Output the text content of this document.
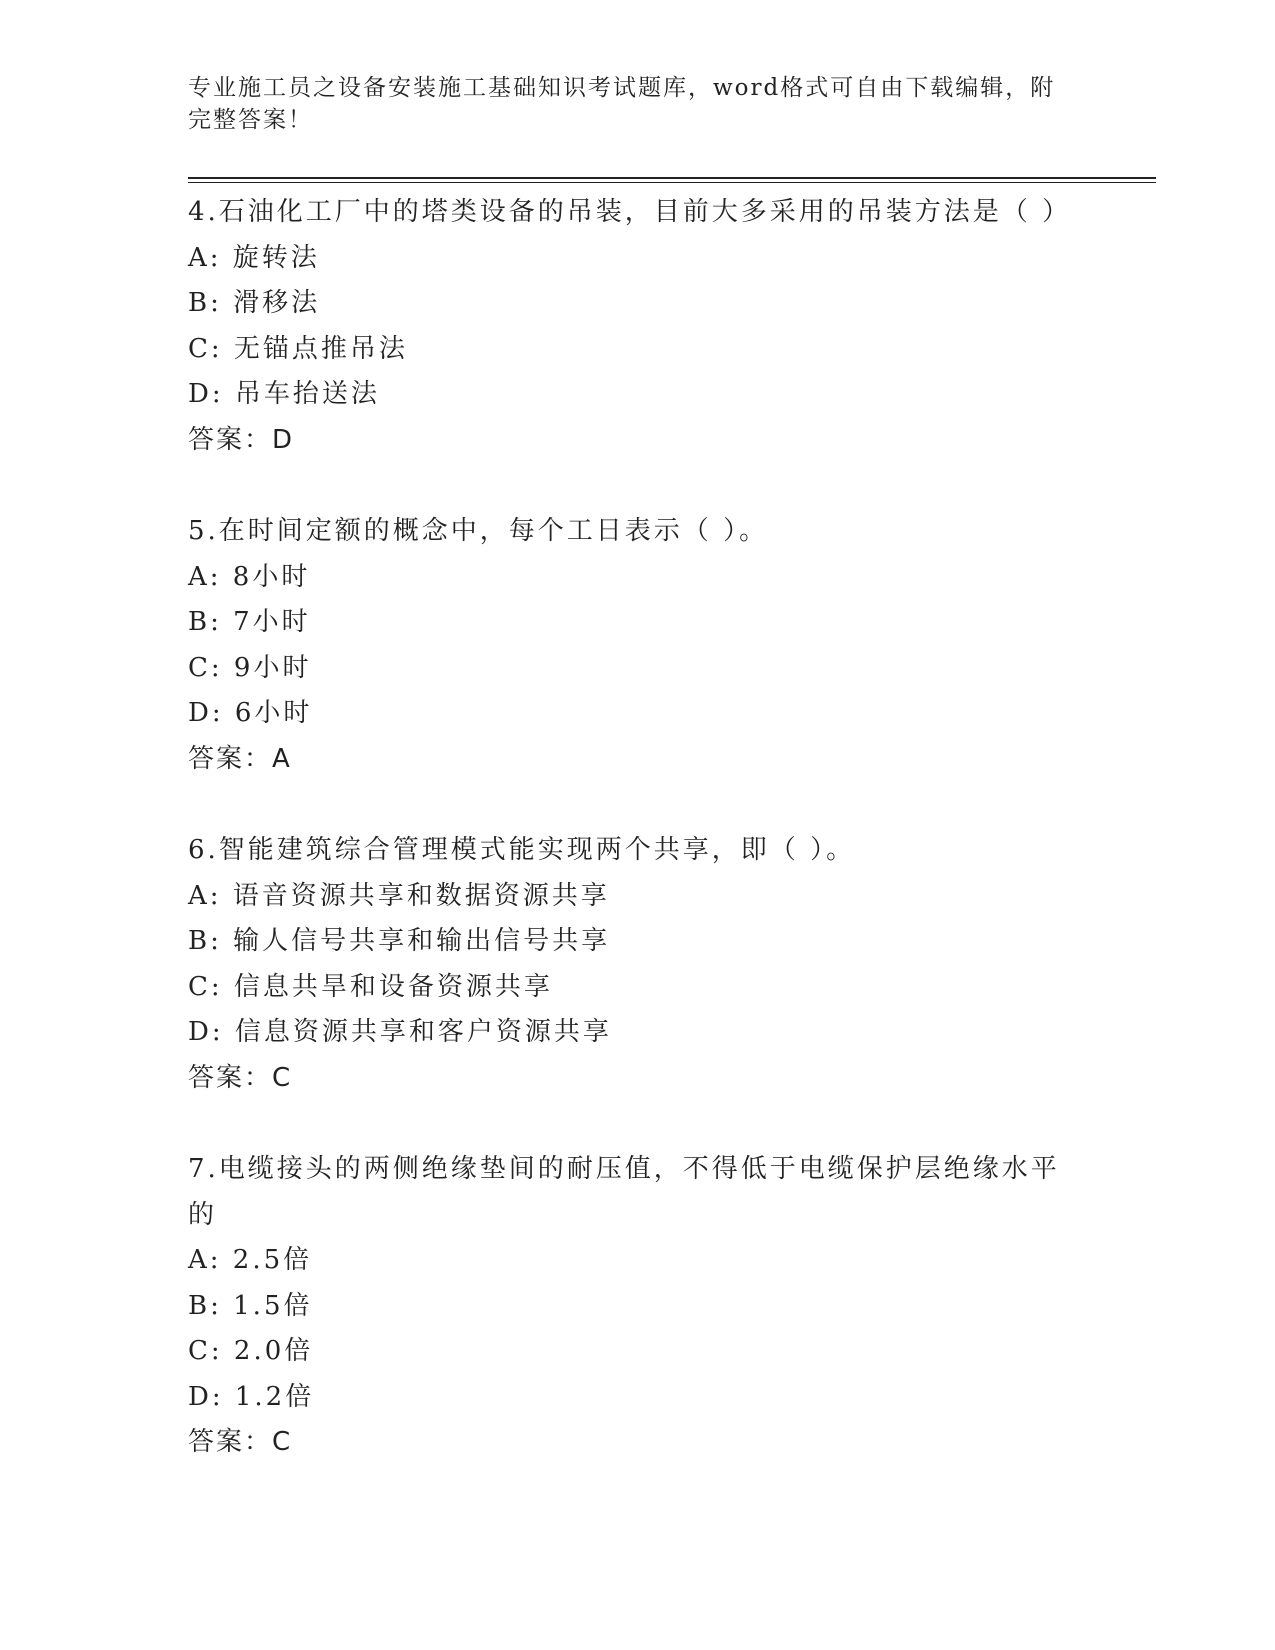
专业施工员之设备安装施工基础知识考试题库，word格式可自由下载编辑，附完整答案！
4.石油化工厂中的塔类设备的吊装，目前大多采用的吊装方法是（ ）
A: 旋转法
B: 滑移法
C: 无锚点推吊法
D: 吊车抬送法
答案：D
5.在时间定额的概念中，每个工日表示（ ）。
A: 8小时
B: 7小时
C: 9小时
D: 6小时
答案：A
6.智能建筑综合管理模式能实现两个共享，即（ ）。
A: 语音资源共享和数据资源共享
B: 输人信号共享和输出信号共享
C: 信息共旱和设备资源共享
D: 信息资源共享和客户资源共享
答案：C
7.电缆接头的两侧绝缘垫间的耐压值，不得低于电缆保护层绝缘水平的
A: 2.5倍
B: 1.5倍
C: 2.0倍
D: 1.2倍
答案：C
